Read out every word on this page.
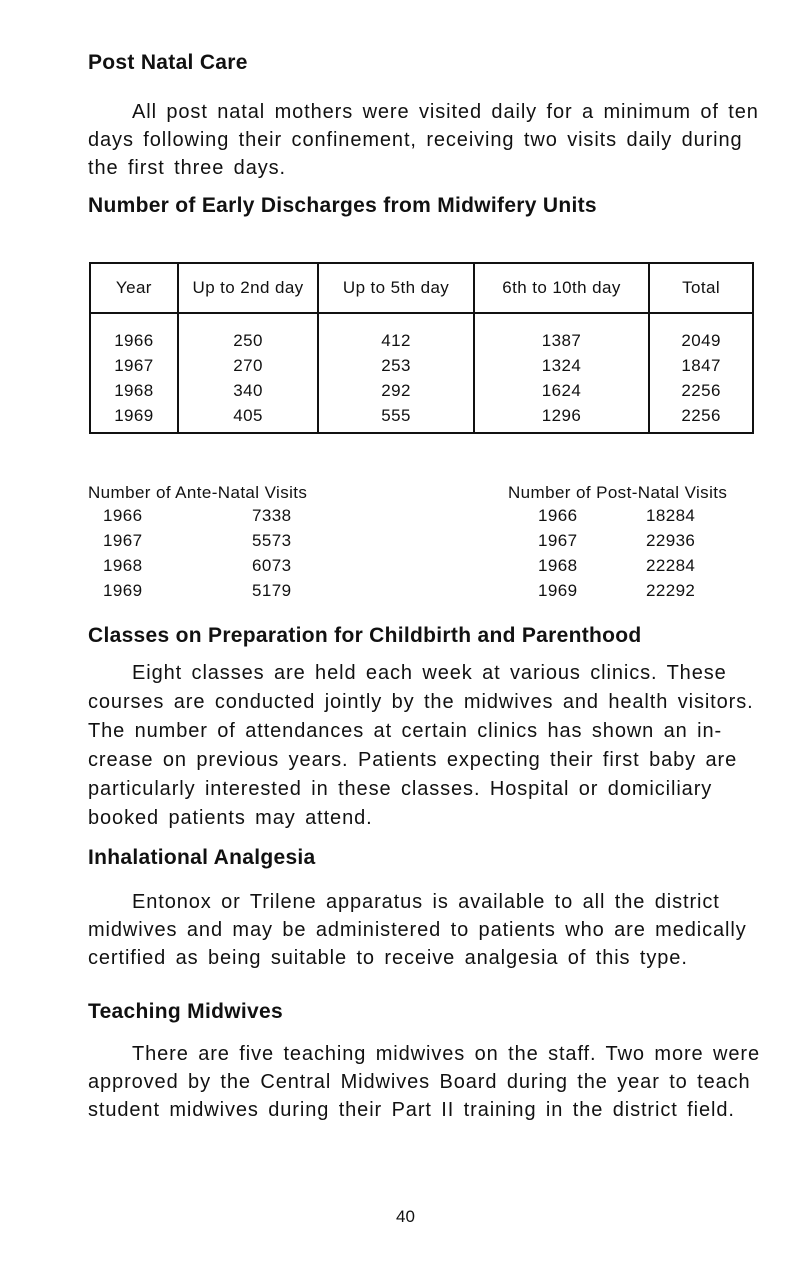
Post Natal Care
All post natal mothers were visited daily for a minimum of ten days following their confinement, receiving two visits daily during the first three days.
Number of Early Discharges from Midwifery Units
Year	Up to 2nd day	Up to 5th day	6th to 10th day	Total
1966	250	412	1387	2049
1967	270	253	1324	1847
1968	340	292	1624	2256
1969	405	555	1296	2256
Number of Ante-Natal Visits
1966	7338
1967	5573
1968	6073
1969	5179
Number of Post-Natal Visits
1966	18284
1967	22936
1968	22284
1969	22292
Classes on Preparation for Childbirth and Parenthood
Eight classes are held each week at various clinics. These courses are conducted jointly by the midwives and health visitors. The number of attendances at certain clinics has shown an in-crease on previous years. Patients expecting their first baby are particularly interested in these classes. Hospital or domiciliary booked patients may attend.
Inhalational Analgesia
Entonox or Trilene apparatus is available to all the district midwives and may be administered to patients who are medically certified as being suitable to receive analgesia of this type.
Teaching Midwives
There are five teaching midwives on the staff. Two more were approved by the Central Midwives Board during the year to teach student midwives during their Part II training in the district field.
40
